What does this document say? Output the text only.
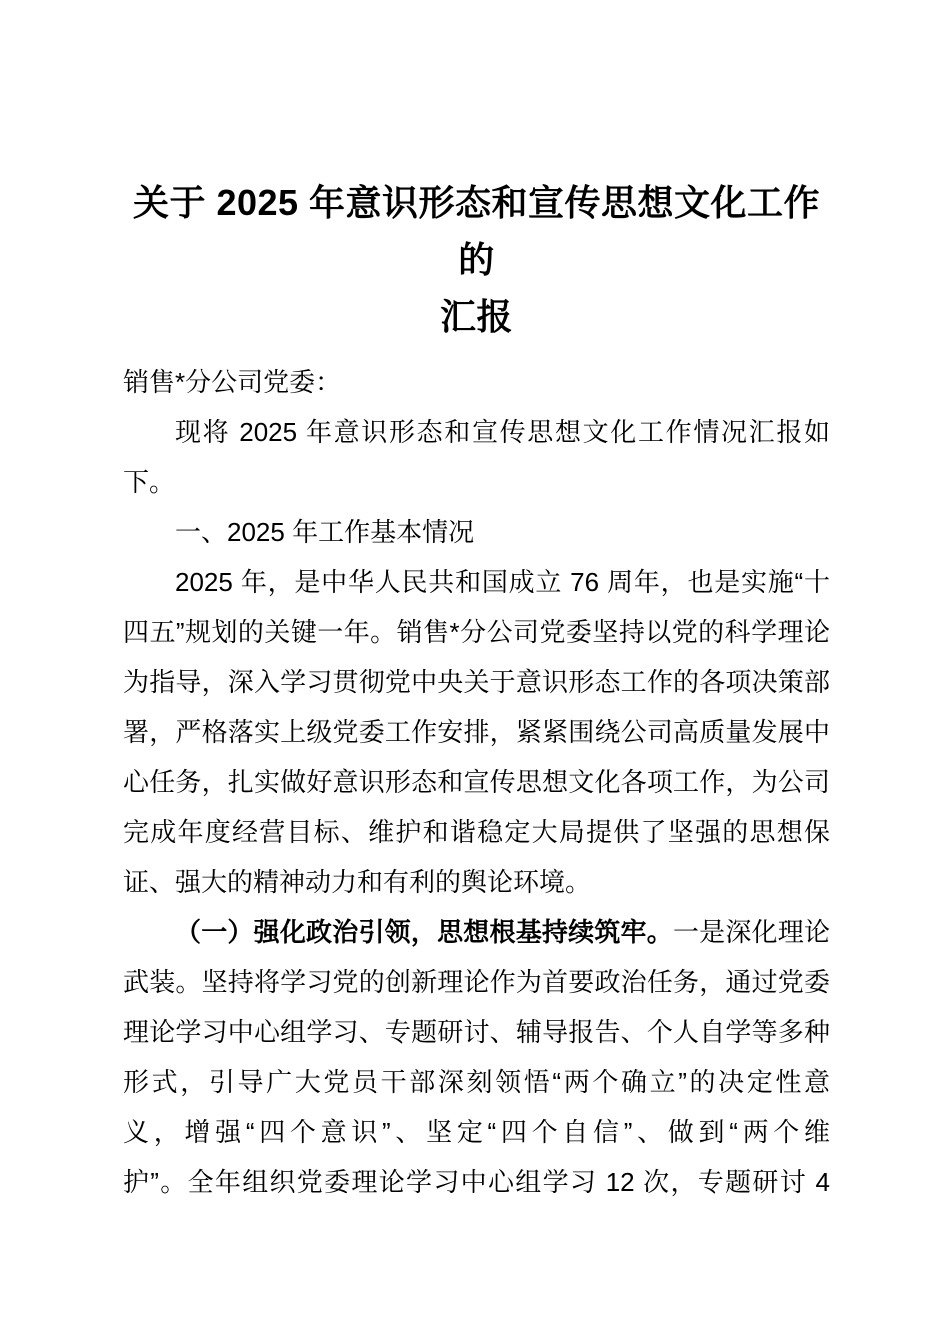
关于 2025 年意识形态和宣传思想文化工作的
汇报
销售*分公司党委：
现将 2025 年意识形态和宣传思想文化工作情况汇报如
下。
一、2025 年工作基本情况
2025 年，是中华人民共和国成立 76 周年，也是实施“十
四五”规划的关键一年。销售*分公司党委坚持以党的科学理论
为指导，深入学习贯彻党中央关于意识形态工作的各项决策部
署，严格落实上级党委工作安排，紧紧围绕公司高质量发展中
心任务，扎实做好意识形态和宣传思想文化各项工作，为公司
完成年度经营目标、维护和谐稳定大局提供了坚强的思想保
证、强大的精神动力和有利的舆论环境。
（一）强化政治引领，思想根基持续筑牢。一是深化理论
武装。坚持将学习党的创新理论作为首要政治任务，通过党委
理论学习中心组学习、专题研讨、辅导报告、个人自学等多种
形式，引导广大党员干部深刻领悟“两个确立”的决定性意
义，增强“四个意识”、坚定“四个自信”、做到“两个维
护”。全年组织党委理论学习中心组学习 12 次，专题研讨 4
